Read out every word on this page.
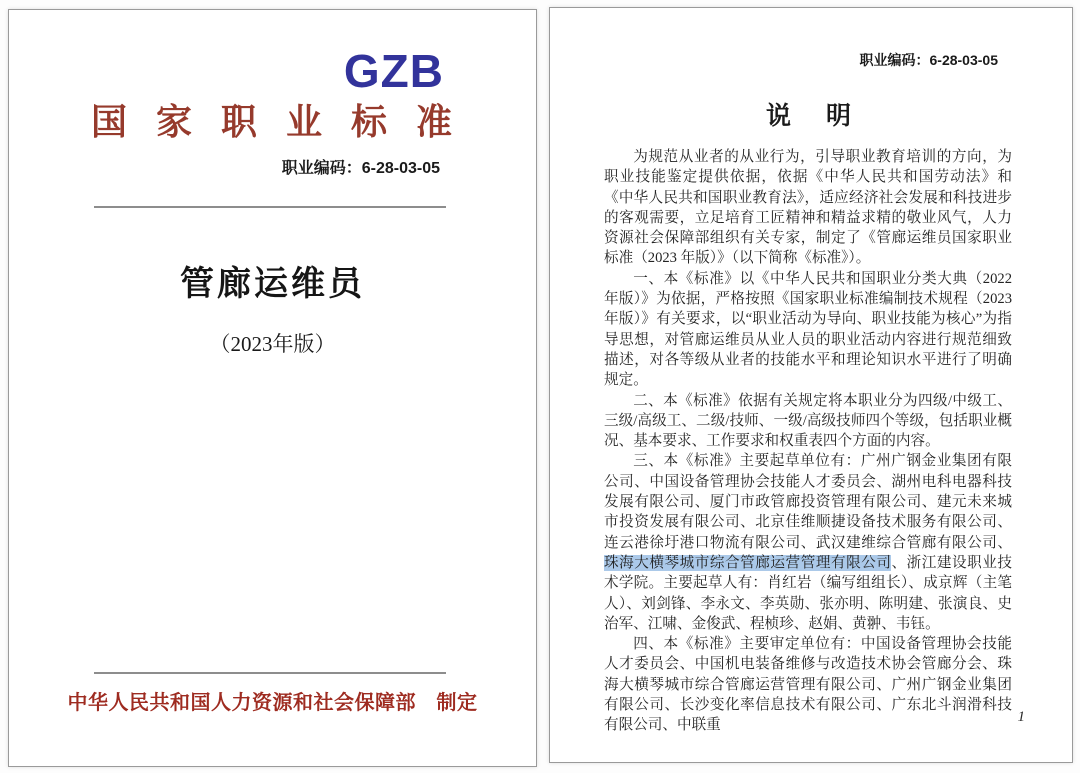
GZB
国家职业标准
职业编码：6-28-03-05
管廊运维员
（2023年版）
中华人民共和国人力资源和社会保障部　制定
职业编码：6-28-03-05
说　明

为规范从业者的从业行为，引导职业教育培训的方向，为职业技能鉴定提供依据，依据《中华人民共和国劳动法》和《中华人民共和国职业教育法》，适应经济社会发展和科技进步的客观需要，立足培育工匠精神和精益求精的敬业风气，人力资源社会保障部组织有关专家，制定了《管廊运维员国家职业标准（2023 年版）》（以下简称《标准》）。

一、本《标准》以《中华人民共和国职业分类大典（2022 年版）》为依据，严格按照《国家职业标准编制技术规程（2023 年版）》有关要求，以“职业活动为导向、职业技能为核心”为指导思想，对管廊运维员从业人员的职业活动内容进行规范细致描述，对各等级从业者的技能水平和理论知识水平进行了明确规定。

二、本《标准》依据有关规定将本职业分为四级/中级工、三级/高级工、二级/技师、一级/高级技师四个等级，包括职业概况、基本要求、工作要求和权重表四个方面的内容。

三、本《标准》主要起草单位有：广州广钢金业集团有限公司、中国设备管理协会技能人才委员会、湖州电科电器科技发展有限公司、厦门市政管廊投资管理有限公司、建元未来城市投资发展有限公司、北京佳维顺捷设备技术服务有限公司、连云港徐圩港口物流有限公司、武汉建维综合管廊有限公司、珠海大横琴城市综合管廊运营管理有限公司、浙江建设职业技术学院。主要起草人有：肖红岩（编写组组长）、成京辉（主笔人）、刘剑锋、李永文、李英勋、张亦明、陈明建、张演良、史治军、江啸、金俊武、程桢珍、赵娟、黄翀、韦钰。

四、本《标准》主要审定单位有：中国设备管理协会技能人才委员会、中国机电装备维修与改造技术协会管廊分会、珠海大横琴城市综合管廊运营管理有限公司、广州广钢金业集团有限公司、长沙变化率信息技术有限公司、广东北斗润滑科技有限公司、中联重

1
